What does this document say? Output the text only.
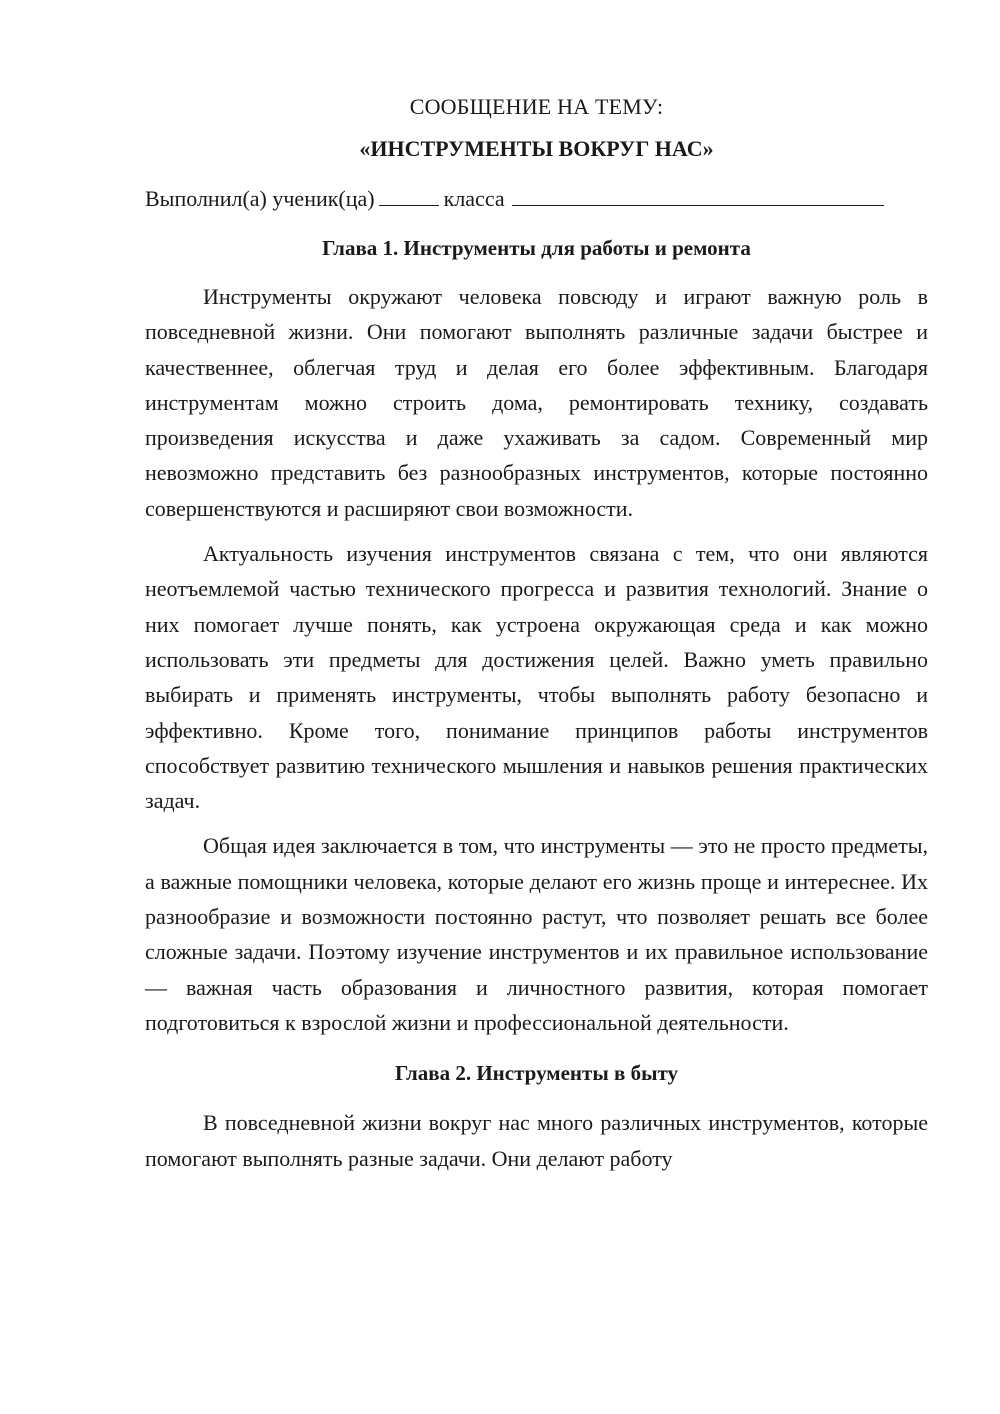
СООБЩЕНИЕ НА ТЕМУ:

«ИНСТРУМЕНТЫ ВОКРУГ НАС»

Выполнил(а) ученик(ца)	класса

Глава 1. Инструменты для работы и ремонта

Инструменты окружают человека повсюду и играют важную роль в повседневной жизни. Они помогают выполнять различные задачи быстрее и качественнее, облегчая труд и делая его более эффективным. Благодаря инструментам можно строить дома, ремонтировать технику, создавать произведения искусства и даже ухаживать за садом. Современный мир невозможно представить без разнообразных инструментов, которые постоянно совершенствуются и расширяют свои возможности.

Актуальность изучения инструментов связана с тем, что они являются неотъемлемой частью технического прогресса и развития технологий. Знание о них помогает лучше понять, как устроена окружающая среда и как можно использовать эти предметы для достижения целей. Важно уметь правильно выбирать и применять инструменты, чтобы выполнять работу безопасно и эффективно. Кроме того, понимание принципов работы инструментов способствует развитию технического мышления и навыков решения практических задач.

Общая идея заключается в том, что инструменты — это не просто предметы, а важные помощники человека, которые делают его жизнь проще и интереснее. Их разнообразие и возможности постоянно растут, что позволяет решать все более сложные задачи. Поэтому изучение инструментов и их правильное использование — важная часть образования и личностного развития, которая помогает подготовиться к взрослой жизни и профессиональной деятельности.

Глава 2. Инструменты в быту

В повседневной жизни вокруг нас много различных инструментов, которые помогают выполнять разные задачи. Они делают работу
